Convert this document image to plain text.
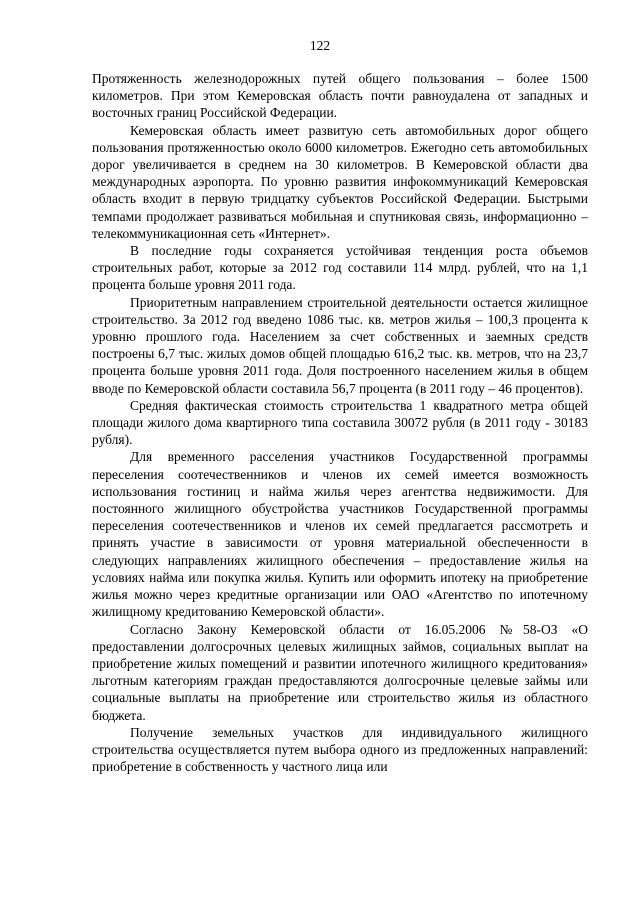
122

Протяженность железнодорожных путей общего пользования – более 1500 километров. При этом Кемеровская область почти равноудалена от западных и восточных границ Российской Федерации.

Кемеровская область имеет развитую сеть автомобильных дорог общего пользования протяженностью около 6000 километров. Ежегодно сеть автомобильных дорог увеличивается в среднем на 30 километров. В Кемеровской области два международных аэропорта. По уровню развития инфокоммуникаций Кемеровская область входит в первую тридцатку субъектов Российской Федерации. Быстрыми темпами продолжает развиваться мобильная и спутниковая связь, информационно – телекоммуникационная сеть «Интернет».

В последние годы сохраняется устойчивая тенденция роста объемов строительных работ, которые за 2012 год составили 114 млрд. рублей, что на 1,1 процента больше уровня 2011 года.

Приоритетным направлением строительной деятельности остается жилищное строительство. За 2012 год введено 1086 тыс. кв. метров жилья – 100,3 процента к уровню прошлого года. Населением за счет собственных и заемных средств построены 6,7 тыс. жилых домов общей площадью 616,2 тыс. кв. метров, что на 23,7 процента больше уровня 2011 года. Доля построенного населением жилья в общем вводе по Кемеровской области составила 56,7 процента (в 2011 году – 46 процентов).

Средняя фактическая стоимость строительства 1 квадратного метра общей площади жилого дома квартирного типа составила 30072 рубля (в 2011 году - 30183 рубля).

Для временного расселения участников Государственной программы переселения соотечественников и членов их семей имеется возможность использования гостиниц и найма жилья через агентства недвижимости. Для постоянного жилищного обустройства участников Государственной программы переселения соотечественников и членов их семей предлагается рассмотреть и принять участие в зависимости от уровня материальной обеспеченности в следующих направлениях жилищного обеспечения – предоставление жилья на условиях найма или покупка жилья. Купить или оформить ипотеку на приобретение жилья можно через кредитные организации или ОАО «Агентство по ипотечному жилищному кредитованию Кемеровской области».

Согласно Закону Кемеровской области от 16.05.2006 №58-ОЗ «О предоставлении долгосрочных целевых жилищных займов, социальных выплат на приобретение жилых помещений и развитии ипотечного жилищного кредитования» льготным категориям граждан предоставляются долгосрочные целевые займы или социальные выплаты на приобретение или строительство жилья из областного бюджета.

Получение земельных участков для индивидуального жилищного строительства осуществляется путем выбора одного из предложенных направлений: приобретение в собственность у частного лица или
